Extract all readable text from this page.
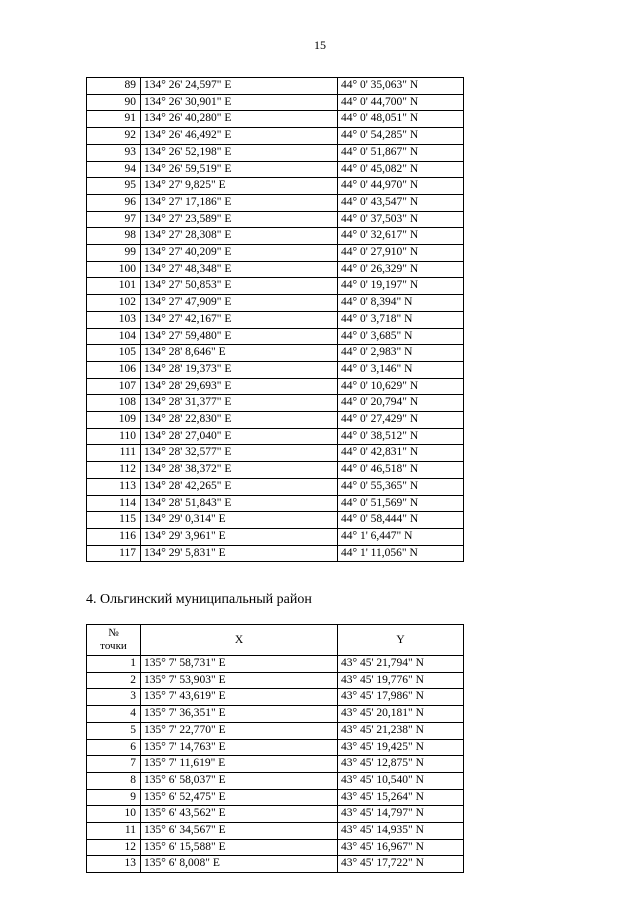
15
89	134° 26' 24,597" E	44° 0' 35,063" N
90	134° 26' 30,901" E	44° 0' 44,700" N
91	134° 26' 40,280" E	44° 0' 48,051" N
92	134° 26' 46,492" E	44° 0' 54,285" N
93	134° 26' 52,198" E	44° 0' 51,867" N
94	134° 26' 59,519" E	44° 0' 45,082" N
95	134° 27' 9,825" E	44° 0' 44,970" N
96	134° 27' 17,186" E	44° 0' 43,547" N
97	134° 27' 23,589" E	44° 0' 37,503" N
98	134° 27' 28,308" E	44° 0' 32,617" N
99	134° 27' 40,209" E	44° 0' 27,910" N
100	134° 27' 48,348" E	44° 0' 26,329" N
101	134° 27' 50,853" E	44° 0' 19,197" N
102	134° 27' 47,909" E	44° 0' 8,394" N
103	134° 27' 42,167" E	44° 0' 3,718" N
104	134° 27' 59,480" E	44° 0' 3,685" N
105	134° 28' 8,646" E	44° 0' 2,983" N
106	134° 28' 19,373" E	44° 0' 3,146" N
107	134° 28' 29,693" E	44° 0' 10,629" N
108	134° 28' 31,377" E	44° 0' 20,794" N
109	134° 28' 22,830" E	44° 0' 27,429" N
110	134° 28' 27,040" E	44° 0' 38,512" N
111	134° 28' 32,577" E	44° 0' 42,831" N
112	134° 28' 38,372" E	44° 0' 46,518" N
113	134° 28' 42,265" E	44° 0' 55,365" N
114	134° 28' 51,843" E	44° 0' 51,569" N
115	134° 29' 0,314" E	44° 0' 58,444" N
116	134° 29' 3,961" E	44° 1' 6,447" N
117	134° 29' 5,831" E	44° 1' 11,056" N
4. Ольгинский муниципальный район
№
точки	X	Y
1	135° 7' 58,731" E	43° 45' 21,794" N
2	135° 7' 53,903" E	43° 45' 19,776" N
3	135° 7' 43,619" E	43° 45' 17,986" N
4	135° 7' 36,351" E	43° 45' 20,181" N
5	135° 7' 22,770" E	43° 45' 21,238" N
6	135° 7' 14,763" E	43° 45' 19,425" N
7	135° 7' 11,619" E	43° 45' 12,875" N
8	135° 6' 58,037" E	43° 45' 10,540" N
9	135° 6' 52,475" E	43° 45' 15,264" N
10	135° 6' 43,562" E	43° 45' 14,797" N
11	135° 6' 34,567" E	43° 45' 14,935" N
12	135° 6' 15,588" E	43° 45' 16,967" N
13	135° 6' 8,008" E	43° 45' 17,722" N
